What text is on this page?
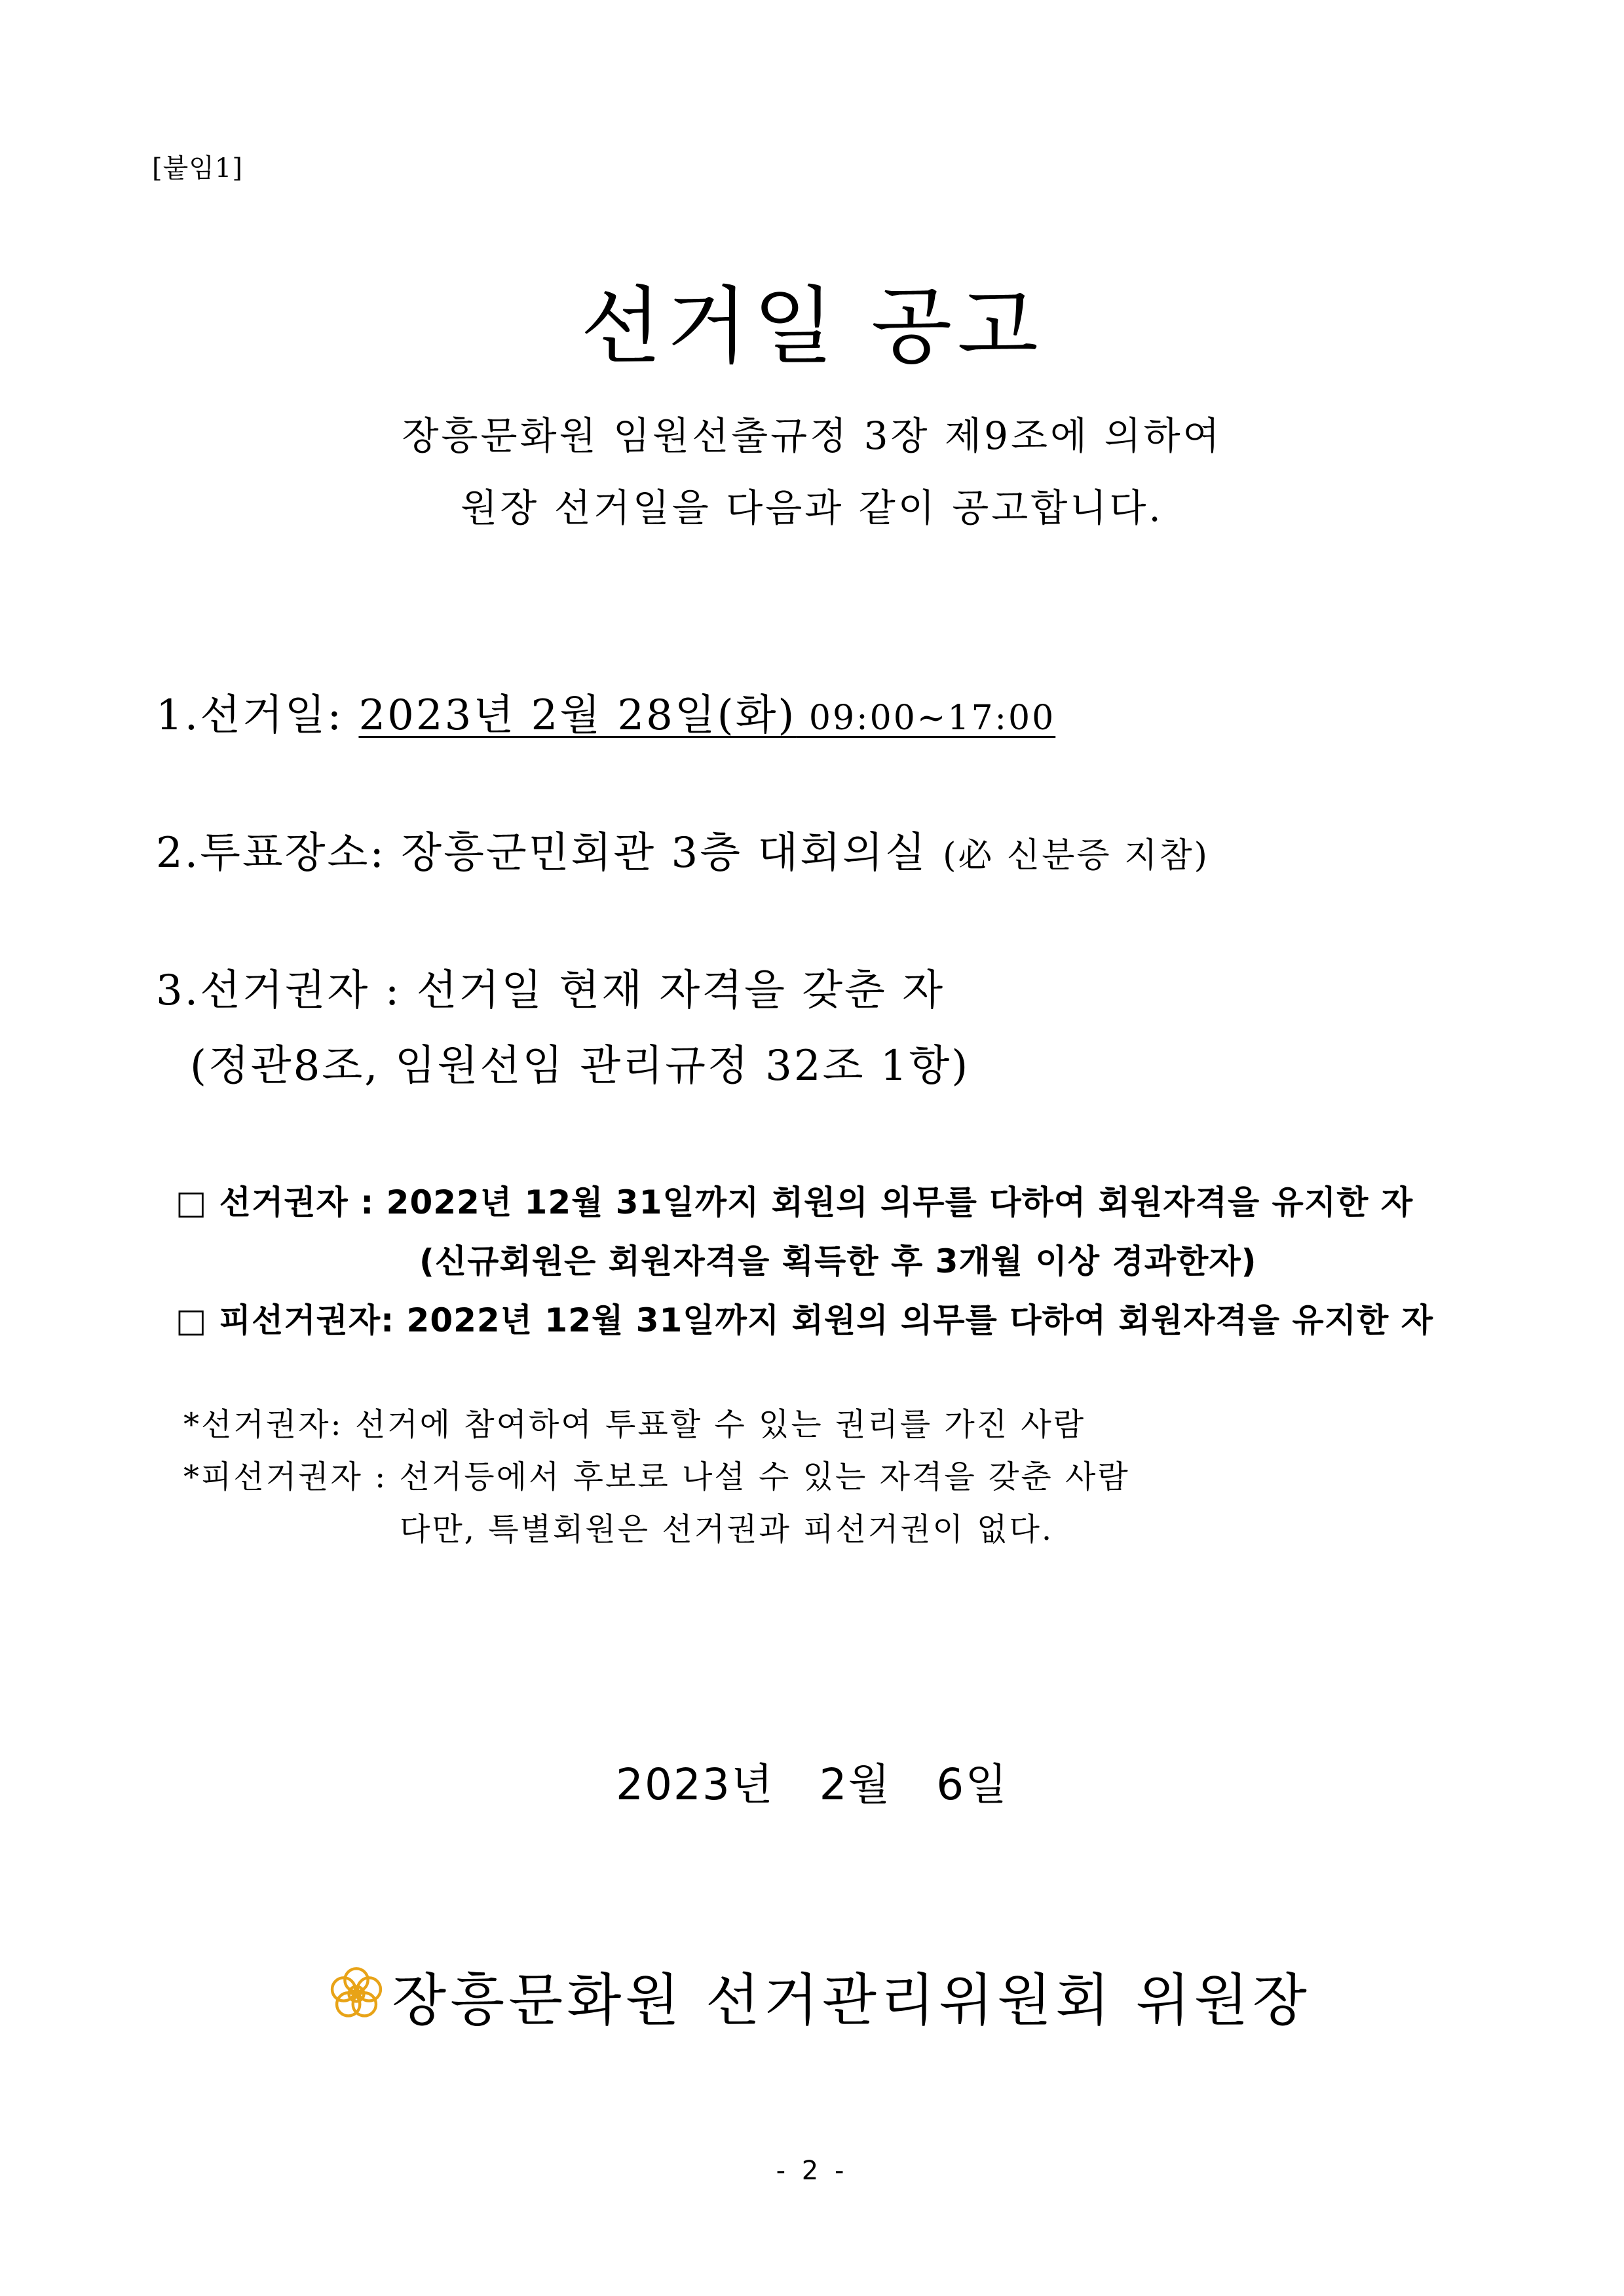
[붙임1]
선거일 공고
장흥문화원 임원선출규정 3장 제9조에 의하여
원장 선거일을 다음과 같이 공고합니다.
1.선거일: 2023년 2월 28일(화) 09:00~17:00
2.투표장소: 장흥군민회관 3층 대회의실 (必 신분증 지참)
3.선거권자 : 선거일 현재 자격을 갖춘 자
(정관8조, 임원선임 관리규정 32조 1항)
□ 선거권자 : 2022년 12월 31일까지 회원의 의무를 다하여 회원자격을 유지한 자
(신규회원은 회원자격을 획득한 후 3개월 이상 경과한자)
□ 피선거권자: 2022년 12월 31일까지 회원의 의무를 다하여 회원자격을 유지한 자
*선거권자: 선거에 참여하여 투표할 수 있는 권리를 가진 사람
*피선거권자 : 선거등에서 후보로 나설 수 있는 자격을 갖춘 사람
다만, 특별회원은 선거권과 피선거권이 없다.
2023년   2월   6일
장흥문화원 선거관리위원회 위원장
- 2 -
